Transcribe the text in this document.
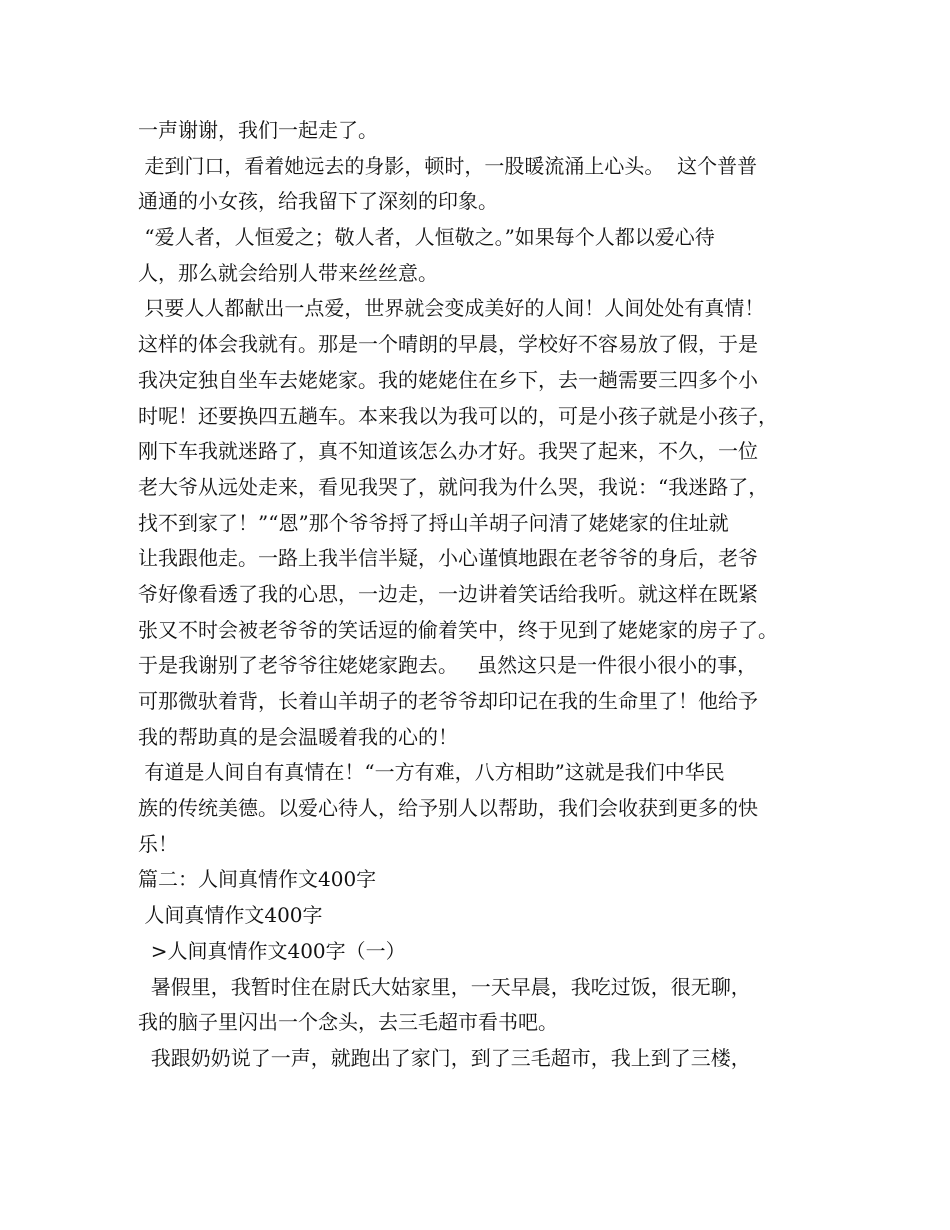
一声谢谢，我们一起走了。
走到门口，看着她远去的身影，顿时，一股暖流涌上心头。  这个普普
通通的小女孩，给我留下了深刻的印象。
“爱人者，人恒爱之；敬人者，人恒敬之。”如果每个人都以爱心待
人，那么就会给别人带来丝丝意。
只要人人都献出一点爱，世界就会变成美好的人间！人间处处有真情！
这样的体会我就有。那是一个晴朗的早晨，学校好不容易放了假，于是
我决定独自坐车去姥姥家。我的姥姥住在乡下，去一趟需要三四多个小
时呢！还要换四五趟车。本来我以为我可以的，可是小孩子就是小孩子，
刚下车我就迷路了，真不知道该怎么办才好。我哭了起来，不久，一位
老大爷从远处走来，看见我哭了，就问我为什么哭，我说：“我迷路了，
找不到家了！”“恩”那个爷爷捋了捋山羊胡子问清了姥姥家的住址就
让我跟他走。一路上我半信半疑，小心谨慎地跟在老爷爷的身后，老爷
爷好像看透了我的心思，一边走，一边讲着笑话给我听。就这样在既紧
张又不时会被老爷爷的笑话逗的偷着笑中，终于见到了姥姥家的房子了。
于是我谢别了老爷爷往姥姥家跑去。   虽然这只是一件很小很小的事，
可那微驮着背，长着山羊胡子的老爷爷却印记在我的生命里了！他给予
我的帮助真的是会温暖着我的心的！
有道是人间自有真情在！“一方有难，八方相助”这就是我们中华民
族的传统美德。以爱心待人，给予别人以帮助，我们会收获到更多的快
乐！
篇二：人间真情作文400字
人间真情作文400字
>人间真情作文400字（一）
暑假里，我暂时住在尉氏大姑家里，一天早晨，我吃过饭，很无聊，
我的脑子里闪出一个念头，去三毛超市看书吧。
我跟奶奶说了一声，就跑出了家门，到了三毛超市，我上到了三楼，
